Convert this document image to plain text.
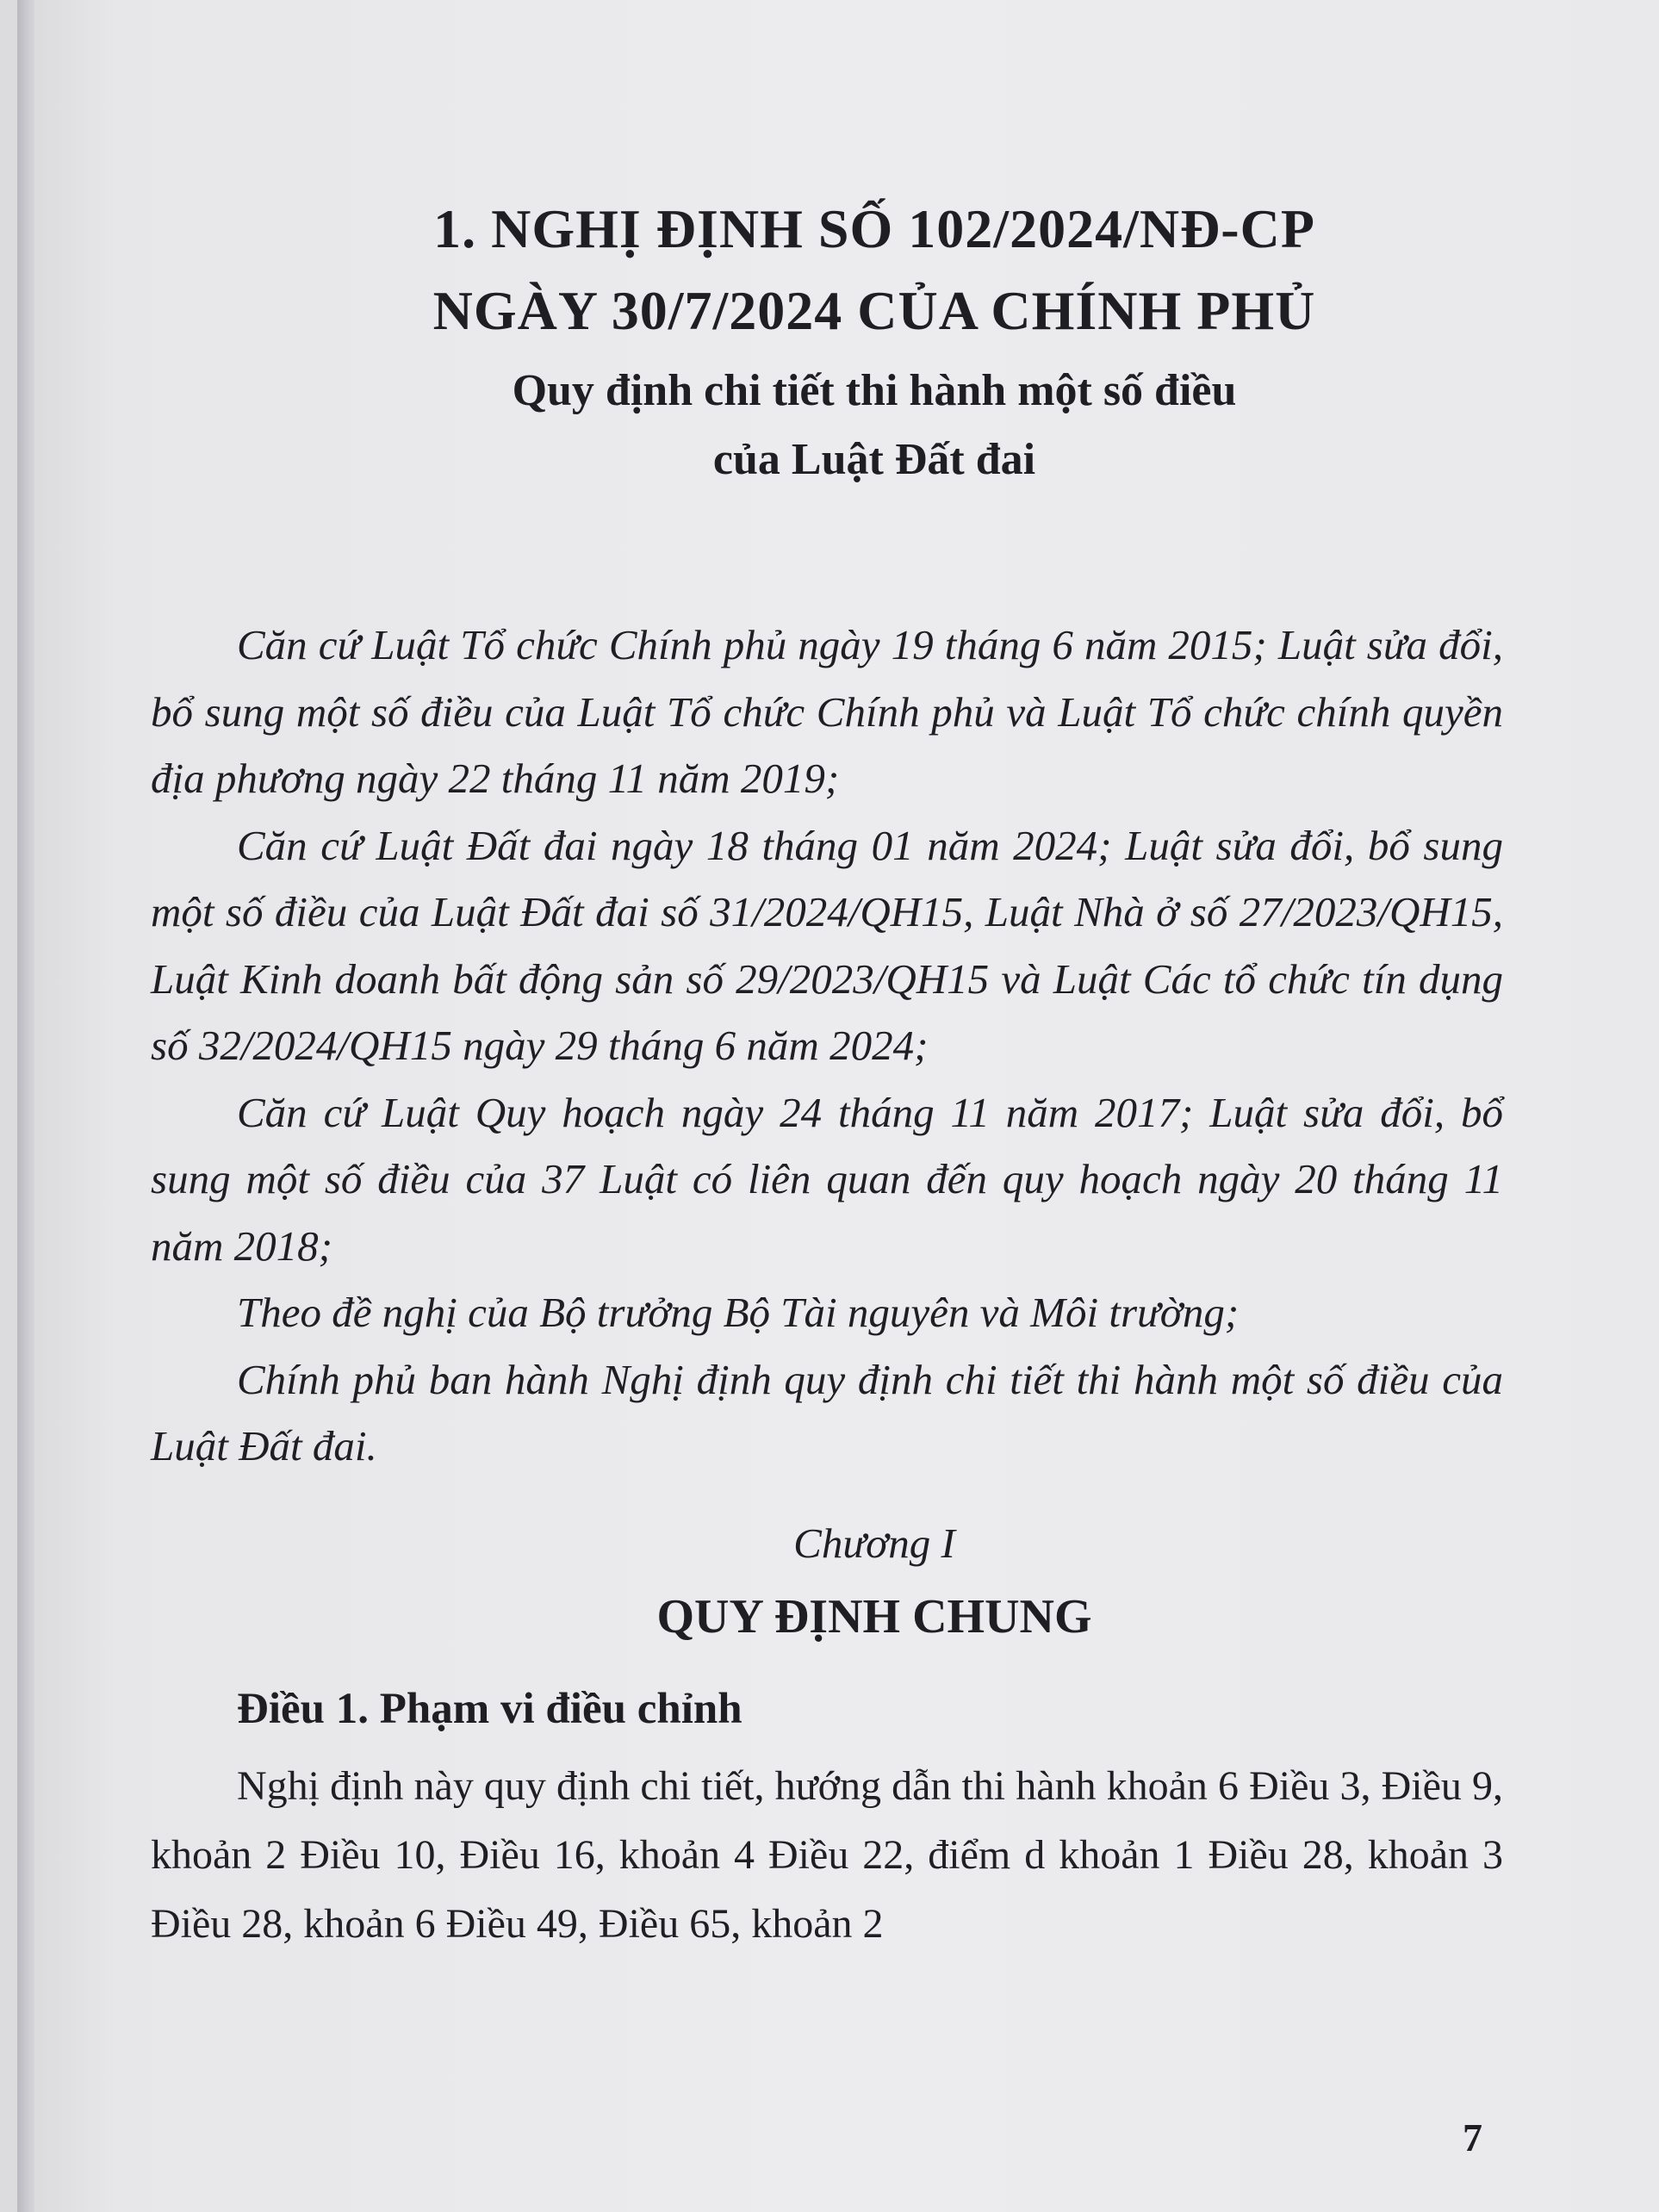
1. NGHỊ ĐỊNH SỐ 102/2024/NĐ-CP
NGÀY 30/7/2024 CỦA CHÍNH PHỦ
Quy định chi tiết thi hành một số điều
của Luật Đất đai

Căn cứ Luật Tổ chức Chính phủ ngày 19 tháng 6 năm 2015; Luật sửa đổi, bổ sung một số điều của Luật Tổ chức Chính phủ và Luật Tổ chức chính quyền địa phương ngày 22 tháng 11 năm 2019;

Căn cứ Luật Đất đai ngày 18 tháng 01 năm 2024; Luật sửa đổi, bổ sung một số điều của Luật Đất đai số 31/2024/QH15, Luật Nhà ở số 27/2023/QH15, Luật Kinh doanh bất động sản số 29/2023/QH15 và Luật Các tổ chức tín dụng số 32/2024/QH15 ngày 29 tháng 6 năm 2024;

Căn cứ Luật Quy hoạch ngày 24 tháng 11 năm 2017; Luật sửa đổi, bổ sung một số điều của 37 Luật có liên quan đến quy hoạch ngày 20 tháng 11 năm 2018;

Theo đề nghị của Bộ trưởng Bộ Tài nguyên và Môi trường;

Chính phủ ban hành Nghị định quy định chi tiết thi hành một số điều của Luật Đất đai.

Chương I
QUY ĐỊNH CHUNG
Điều 1. Phạm vi điều chỉnh

Nghị định này quy định chi tiết, hướng dẫn thi hành khoản 6 Điều 3, Điều 9, khoản 2 Điều 10, Điều 16, khoản 4 Điều 22, điểm d khoản 1 Điều 28, khoản 3 Điều 28, khoản 6 Điều 49, Điều 65, khoản 2

7
